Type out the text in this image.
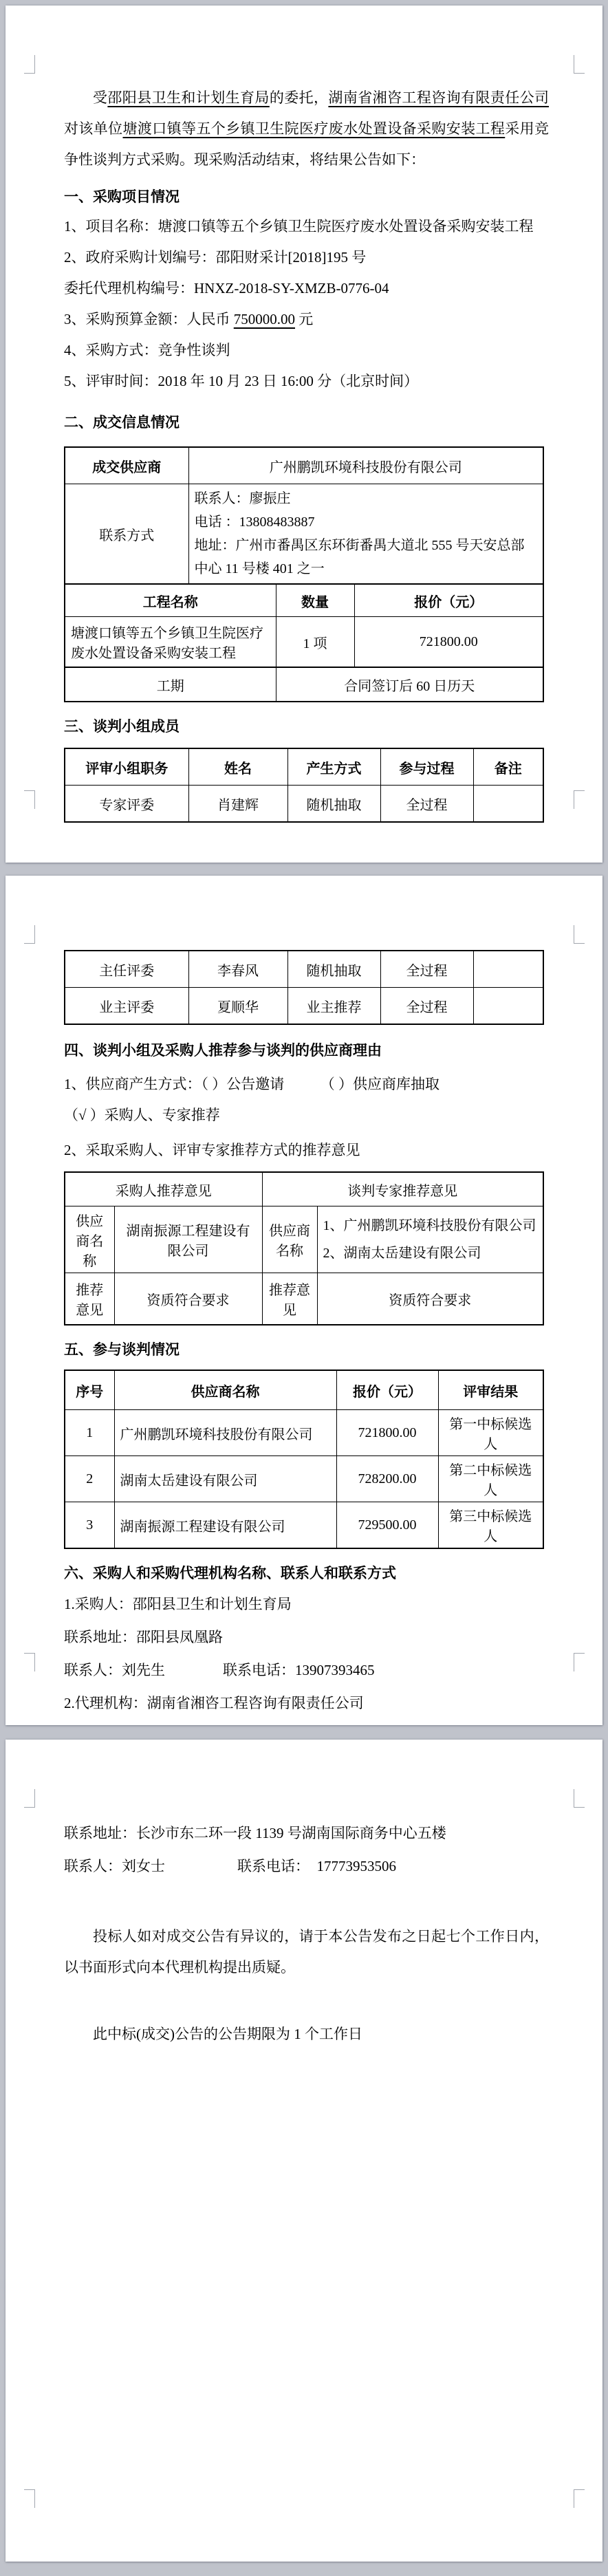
受邵阳县卫生和计划生育局的委托，湖南省湘咨工程咨询有限责任公司对该单位塘渡口镇等五个乡镇卫生院医疗废水处置设备采购安装工程采用竞争性谈判方式采购。现采购活动结束，将结果公告如下：

一、采购项目情况

1、项目名称：塘渡口镇等五个乡镇卫生院医疗废水处置设备采购安装工程

2、政府采购计划编号：邵阳财采计[2018]195 号

委托代理机构编号：HNXZ-2018-SY-XMZB-0776-04

3、采购预算金额：人民币 750000.00 元

4、采购方式：竞争性谈判

5、评审时间：2018 年 10 月 23 日 16:00 分（北京时间）

二、成交信息情况
成交供应商	广州鹏凯环境科技股份有限公司
联系方式	联系人：廖振庄

电话 ：13808483887

地址：广州市番禺区东环街番禺大道北 555 号天安总部中心 11 号楼 401 之一

工程名称	数量	报价（元）
塘渡口镇等五个乡镇卫生院医疗废水处置设备采购安装工程	1 项	721800.00
工期	合同签订后 60 日历天
三、谈判小组成员
评审小组职务	姓名	产生方式	参与过程	备注
专家评委	肖建辉	随机抽取	全过程	
主任评委	李春风	随机抽取	全过程	
业主评委	夏顺华	业主推荐	全过程	
四、谈判小组及采购人推荐参与谈判的供应商理由

1、供应商产生方式：（ ）公告邀请　　　（ ）供应商库抽取

（√ ）采购人、专家推荐

2、采取采购人、评审专家推荐方式的推荐意见

采购人推荐意见		谈判专家推荐意见	
供应商名称	湖南振源工程建设有限公司	供应商名称	1、广州鹏凯环境科技股份有限公司

2、湖南太岳建设有限公司

推荐意见	资质符合要求	推荐意见	资质符合要求
五、参与谈判情况
序号	供应商名称	报价（元）	评审结果
1	广州鹏凯环境科技股份有限公司	721800.00	第一中标候选人
2	湖南太岳建设有限公司	728200.00	第二中标候选人
3	湖南振源工程建设有限公司	729500.00	第三中标候选人
六、采购人和采购代理机构名称、联系人和联系方式

1.采购人：邵阳县卫生和计划生育局

联系地址：邵阳县凤凰路

联系人：刘先生　　　　联系电话：13907393465

2.代理机构：湖南省湘咨工程咨询有限责任公司

联系地址：长沙市东二环一段 1139 号湖南国际商务中心五楼

联系人：刘女士　　　　　联系电话：　17773953506

投标人如对成交公告有异议的，请于本公告发布之日起七个工作日内，以书面形式向本代理机构提出质疑。

此中标(成交)公告的公告期限为 1 个工作日
